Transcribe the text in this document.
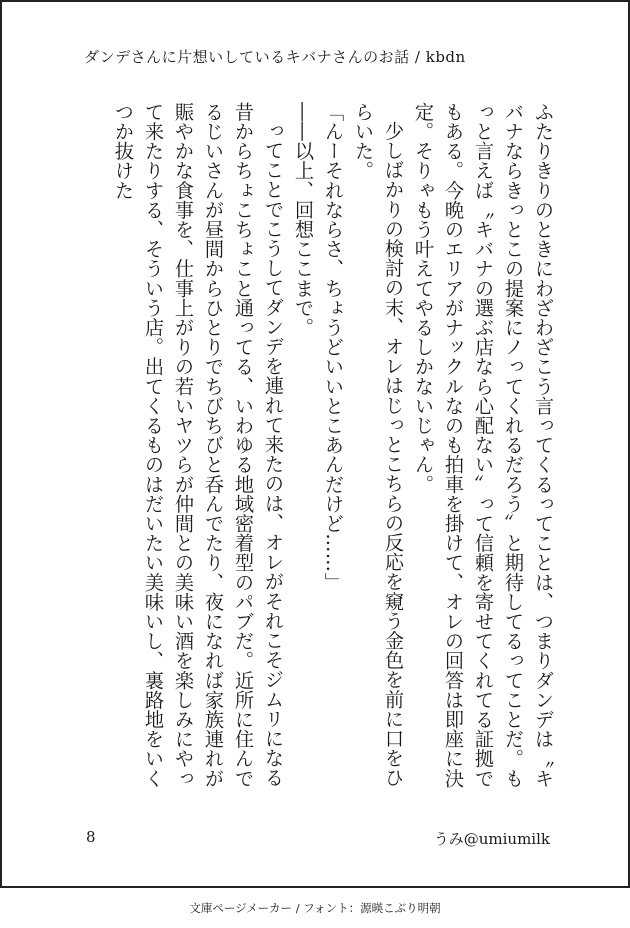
ダンデさんに片想いしているキバナさんのお話 / kbdn

ふたりきりのときにわざわざこう言ってくるってことは、つまりダンデは〝キバナならきっとこの提案にノってくれるだろう〟と期待してるってことだ。もっと言えば〝キバナの選ぶ店なら心配ない〟って信頼を寄せてくれてる証拠でもある。今晩のエリアがナックルなのも拍車を掛けて、オレの回答は即座に決定。そりゃもう叶えてやるしかないじゃん。

少しばかりの検討の末、オレはじっとこちらの反応を窺う金色を前に口をひらいた。

「んーそれならさ、ちょうどいいとこあんだけど……」

――以上、回想ここまで。

ってことでこうしてダンデを連れて来たのは、オレがそれこそジムリになる昔からちょこちょこと通ってる、いわゆる地域密着型のパブだ。近所に住んでるじいさんが昼間からひとりでちびちびと呑んでたり、夜になれば家族連れが賑やかな食事を、仕事上がりの若いヤツらが仲間との美味い酒を楽しみにやって来たりする、そういう店。出てくるものはだいたい美味いし、裏路地をいくつか抜けた

8	うみ@umiumilk
文庫ページメーカー / フォント：源暎こぶり明朝
